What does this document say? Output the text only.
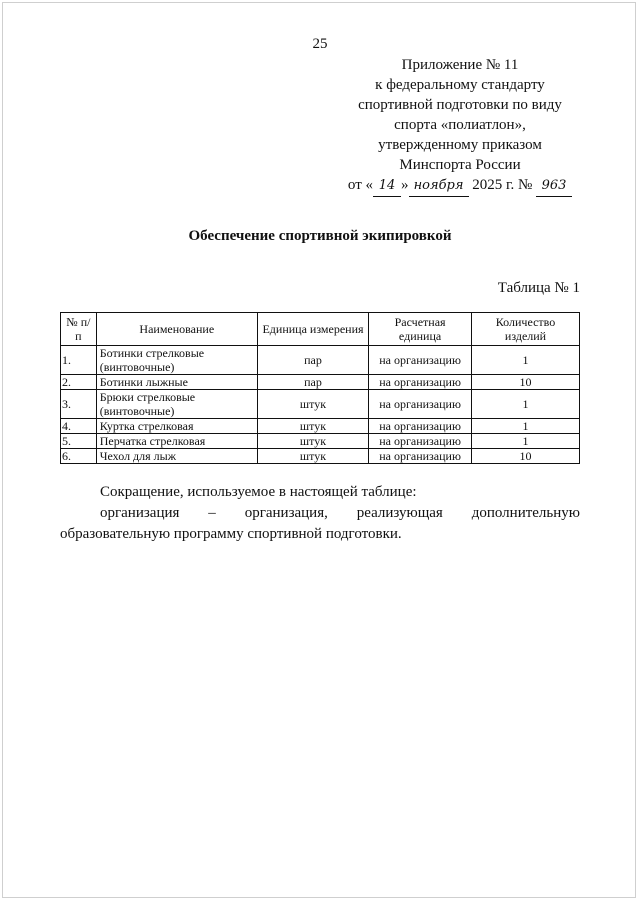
25
Приложение № 11
к федеральному стандарту
спортивной подготовки по виду
спорта «полиатлон»,
утвержденному приказом
Минспорта России
от « 14 » ноября 2025 г. № 963
Обеспечение спортивной экипировкой
Таблица № 1
№ п/п	Наименование	Единица измерения	Расчетная единица	Количество изделий
1.	Ботинки стрелковые (винтовочные)	пар	на организацию	1
2.	Ботинки лыжные	пар	на организацию	10
3.	Брюки стрелковые (винтовочные)	штук	на организацию	1
4.	Куртка стрелковая	штук	на организацию	1
5.	Перчатка стрелковая	штук	на организацию	1
6.	Чехол для лыж	штук	на организацию	10
Сокращение, используемое в настоящей таблице:
организация – организация, реализующая дополнительную
образовательную программу спортивной подготовки.
